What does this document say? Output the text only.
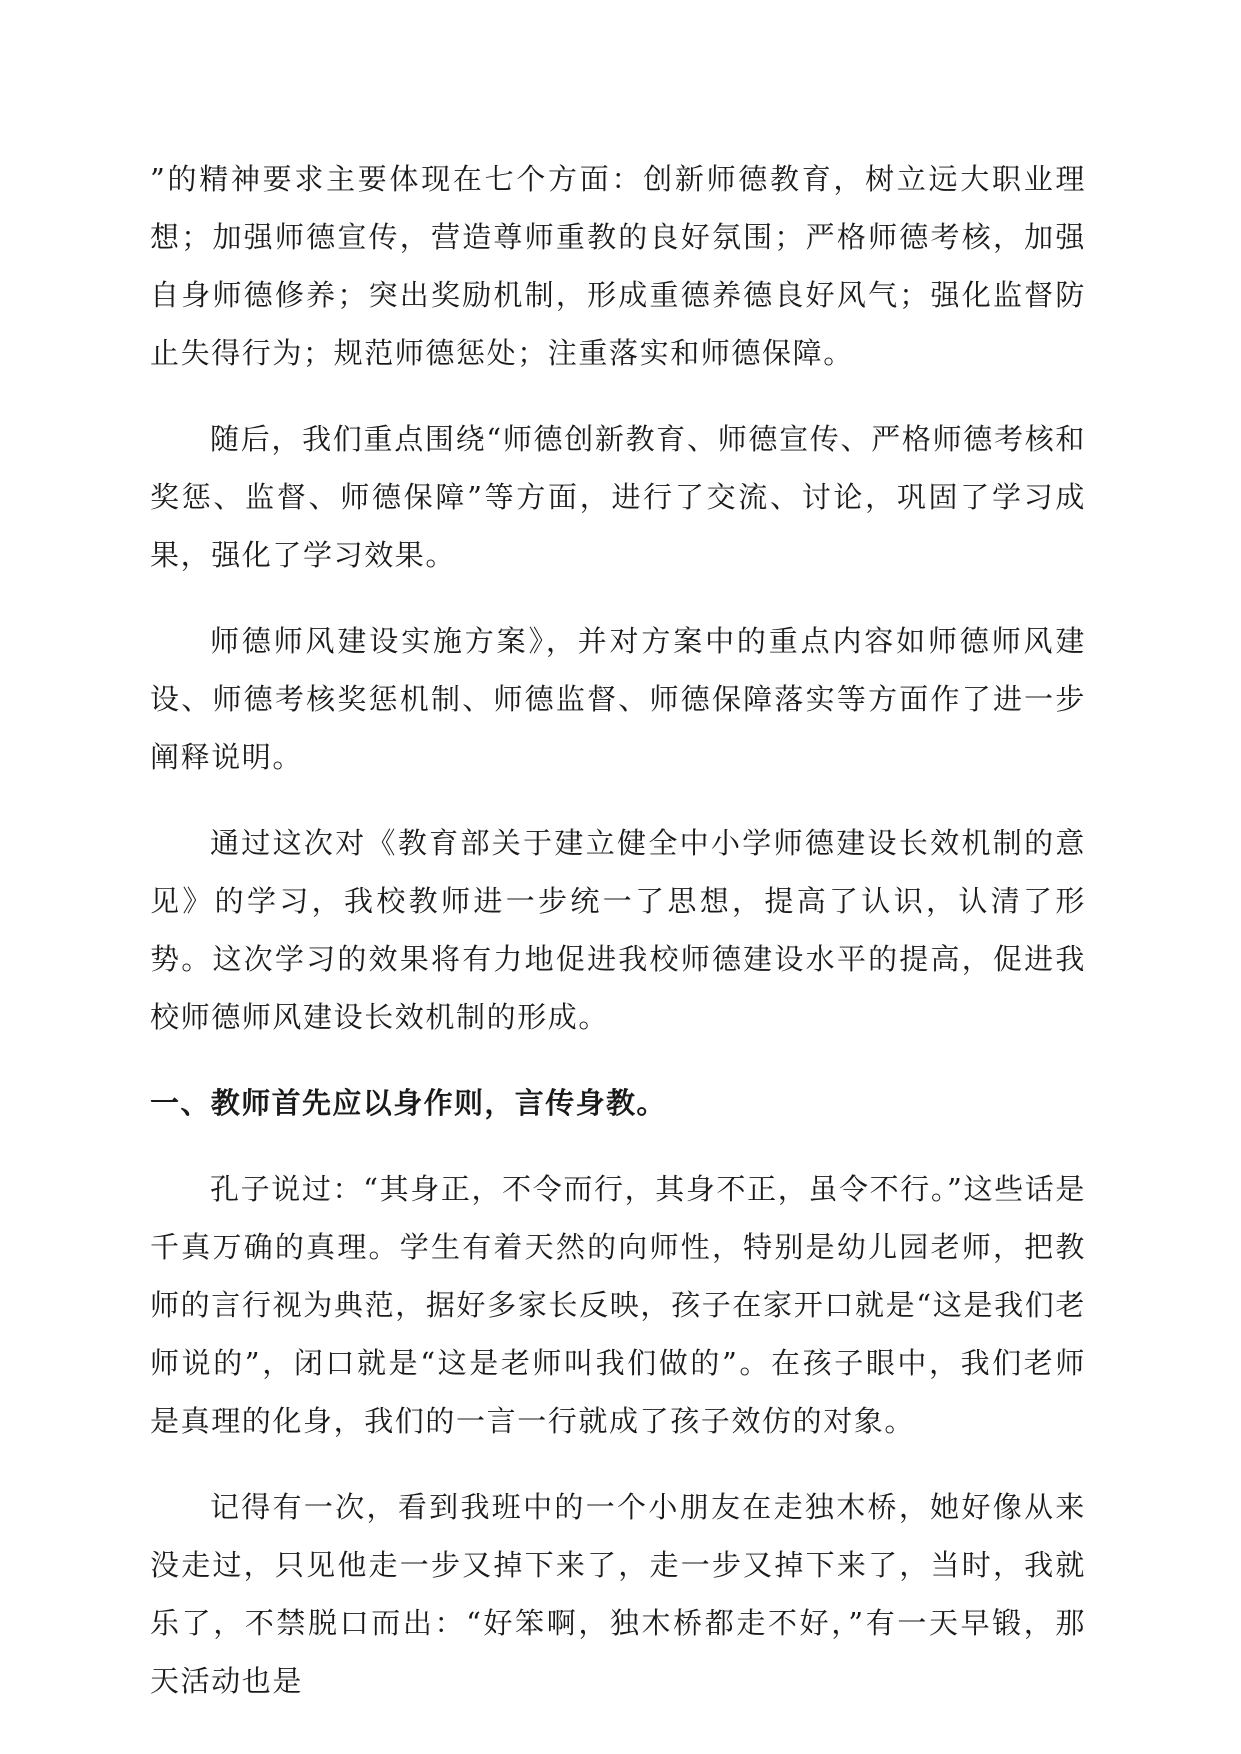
”的精神要求主要体现在七个方面：创新师德教育，树立远大职业理想；加强师德宣传，营造尊师重教的良好氛围；严格师德考核，加强自身师德修养；突出奖励机制，形成重德养德良好风气；强化监督防止失得行为；规范师德惩处；注重落实和师德保障。

随后，我们重点围绕“师德创新教育、师德宣传、严格师德考核和奖惩、监督、师德保障”等方面，进行了交流、讨论，巩固了学习成果，强化了学习效果。

师德师风建设实施方案》，并对方案中的重点内容如师德师风建设、师德考核奖惩机制、师德监督、师德保障落实等方面作了进一步阐释说明。

通过这次对《教育部关于建立健全中小学师德建设长效机制的意见》的学习，我校教师进一步统一了思想，提高了认识，认清了形势。这次学习的效果将有力地促进我校师德建设水平的提高，促进我校师德师风建设长效机制的形成。

一、教师首先应以身作则，言传身教。

孔子说过：“其身正，不令而行，其身不正，虽令不行。”这些话是千真万确的真理。学生有着天然的向师性，特别是幼儿园老师，把教师的言行视为典范，据好多家长反映，孩子在家开口就是“这是我们老师说的”，闭口就是“这是老师叫我们做的”。在孩子眼中，我们老师是真理的化身，我们的一言一行就成了孩子效仿的对象。

记得有一次，看到我班中的一个小朋友在走独木桥，她好像从来没走过，只见他走一步又掉下来了，走一步又掉下来了，当时，我就乐了，不禁脱口而出：“好笨啊，独木桥都走不好，”有一天早锻，那天活动也是
